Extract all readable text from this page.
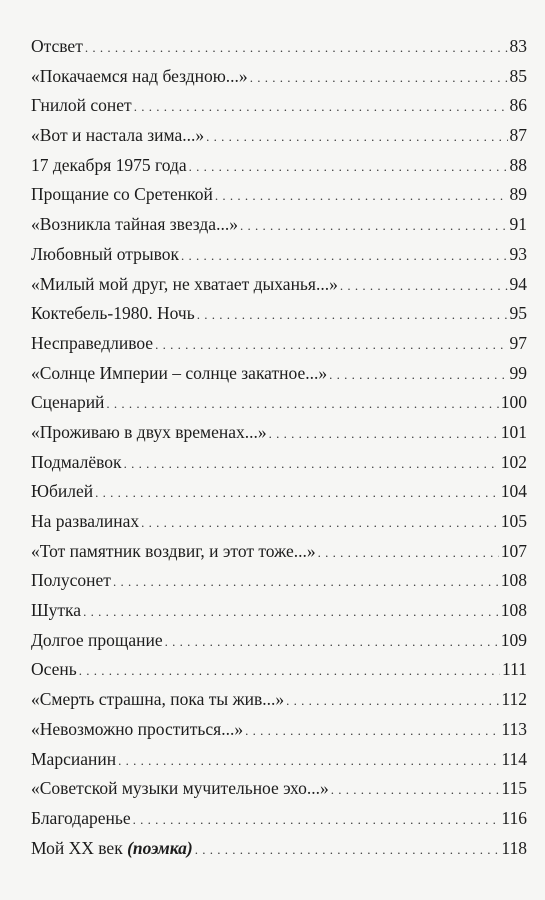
Отсвет . . .	83
«Покачаемся над бездною...» . . .	85
Гнилой сонет . . .	86
«Вот и настала зима...» . . .	87
17 декабря 1975 года . . .	88
Прощание со Сретенкой . . .	89
«Возникла тайная звезда...» . . .	91
Любовный отрывок . . .	93
«Милый мой друг, не хватает дыханья...» . . .	94
Коктебель-1980. Ночь . . .	95
Несправедливое . . .	97
«Солнце Империи – солнце закатное...» . . .	99
Сценарий . . .	100
«Проживаю в двух временах...» . . .	101
Подмалёвок . . .	102
Юбилей . . .	104
На развалинах . . .	105
«Тот памятник воздвиг, и этот тоже...» . . .	107
Полусонет . . .	108
Шутка . . .	108
Долгое прощание . . .	109
Осень . . .	111
«Смерть страшна, пока ты жив...» . . .	112
«Невозможно проститься...» . . .	113
Марсианин . . .	114
«Советской музыки мучительное эхо...» . . .	115
Благодаренье . . .	116
Мой XX век (поэмка) . . .	118
